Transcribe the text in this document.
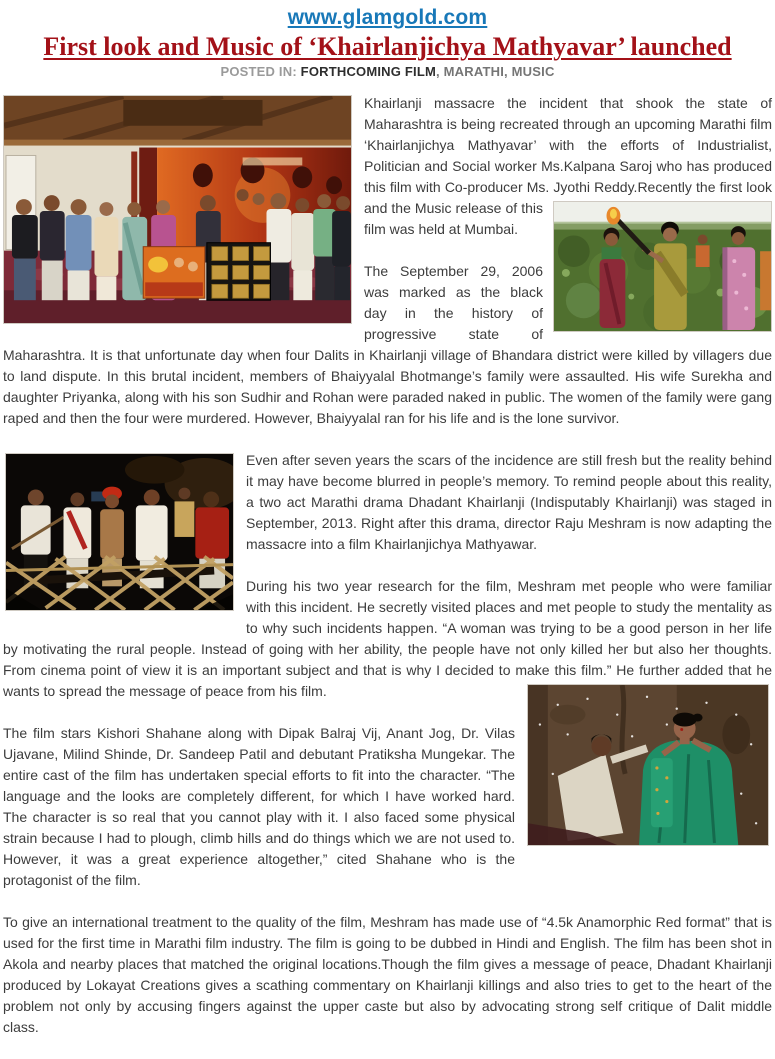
www.glamgold.com
First look and Music of ‘Khairlanjichya Mathyavar’ launched
POSTED IN: FORTHCOMING FILM, MARATHI, MUSIC

Khairlanji massacre the incident that shook the state of Maharashtra is being recreated through an upcoming Marathi film ‘Khairlanjichya Mathyavar’ with the efforts of Industrialist, Politician and Social worker Ms.Kalpana Saroj who has produced this film with Co-producer Ms. Jyothi Reddy.Recently
the first look and the Music release of this film was held at Mumbai.

The September 29, 2006 was marked as the black day in the history of progressive state of Maharashtra. It is that unfortunate day when four Dalits in Khairlanji village of Bhandara district were killed by villagers due to land dispute. In this brutal incident, members of Bhaiyyalal Bhotmange’s family were assaulted. His wife Surekha and daughter Priyanka, along with his son Sudhir and Rohan were paraded naked in public. The women of the family were gang raped and then the four were murdered. However, Bhaiyyalal ran for his life and is the lone survivor.

Even after seven years the scars of the incidence are still fresh but the reality behind it may have become blurred in people’s memory. To remind people about this reality, a two act Marathi drama Dhadant Khairlanji (Indisputably Khairlanji) was staged in September, 2013. Right after this drama, director Raju Meshram is now adapting the massacre into a film Khairlanjichya Mathyawar.

During his two year research for the film, Meshram met people who were familiar with this incident. He secretly visited places and met people to study the mentality as to why such incidents happen. “A woman was trying to be a good person in her life by motivating the rural people. Instead of going with her ability, the people have not only killed her but also her thoughts. From cinema point of view it is an important subject and that is why I decided to make this film.” He further added that he wants to spread the
message of peace from his film.

The film stars Kishori Shahane along with Dipak Balraj Vij, Anant Jog, Dr. Vilas Ujavane, Milind Shinde, Dr. Sandeep Patil and debutant Pratiksha Mungekar. The entire cast of the film has undertaken special efforts to fit into the character. “The language and the looks are completely different, for which I have worked hard. The character is so real that you cannot play with it. I also faced some physical strain because I had to plough, climb hills and do things which we are not used to. However, it was a great experience altogether,” cited Shahane who is the protagonist of the film.

To give an international treatment to the quality of the film, Meshram has made use of “4.5k Anamorphic Red format” that is used for the first time in Marathi film industry. The film is going to be dubbed in Hindi and English. The film has been shot in Akola and nearby places that matched the original locations.Though the film gives a message of peace, Dhadant Khairlanji produced by Lokayat Creations gives a scathing commentary on Khairlanji killings and also tries to get to the heart of the problem not only by accusing fingers against the upper caste but also by advocating strong self critique of Dalit middle class.
